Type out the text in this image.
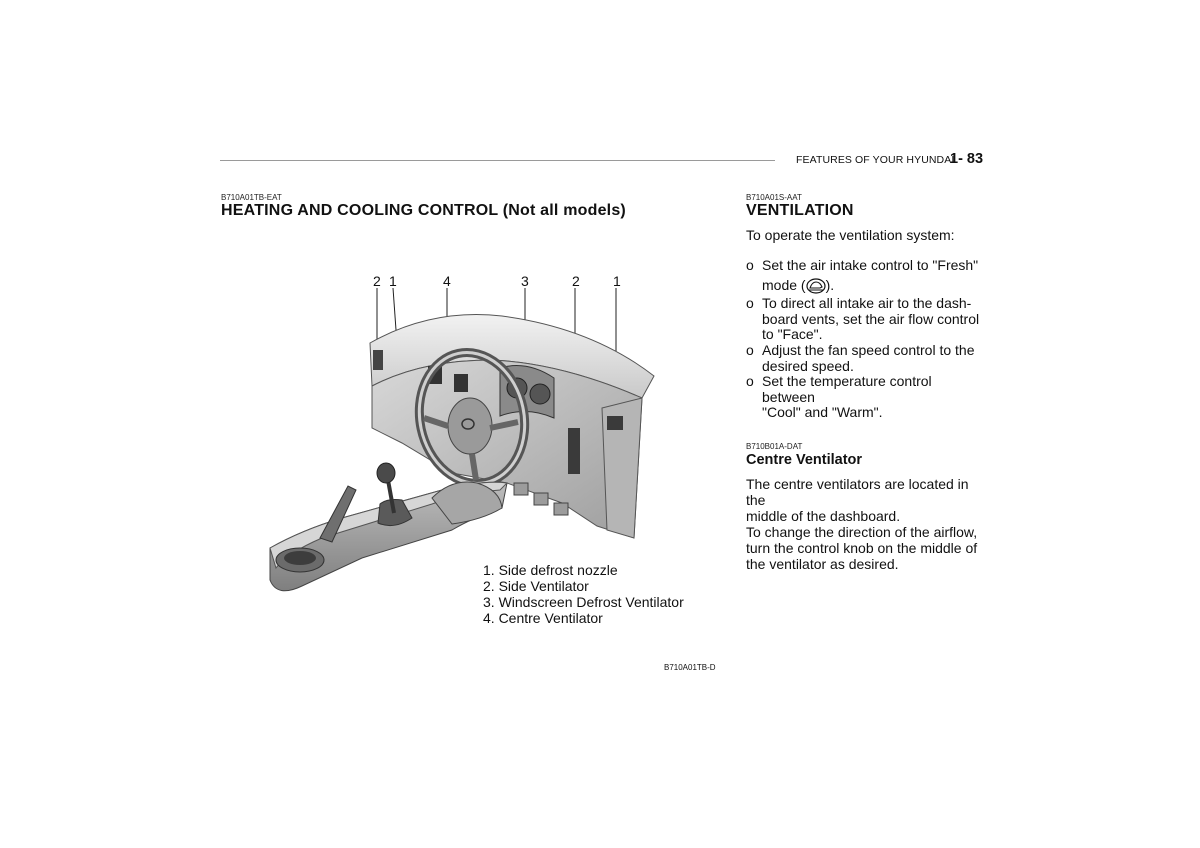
FEATURES OF YOUR HYUNDAI
1- 83
B710A01TB-EAT
HEATING AND COOLING CONTROL (Not all models)
2 1	4	3	2 1
1. Side defrost nozzle
2. Side Ventilator
3. Windscreen Defrost Ventilator
4. Centre Ventilator
B710A01TB-D
B710A01S-AAT
VENTILATION
To operate the ventilation system:
o Set the air intake control to "Fresh"
mode ( ).
o To direct all intake air to the dash-
board vents, set the air flow control
to "Face".
o Adjust the fan speed control to the
desired speed.
o Set the temperature control between
"Cool" and "Warm".
B710B01A-DAT
Centre Ventilator
The centre ventilators are located in the
middle of the dashboard.
To change the direction of the airflow,
turn the control knob on the middle of
the ventilator as desired.
